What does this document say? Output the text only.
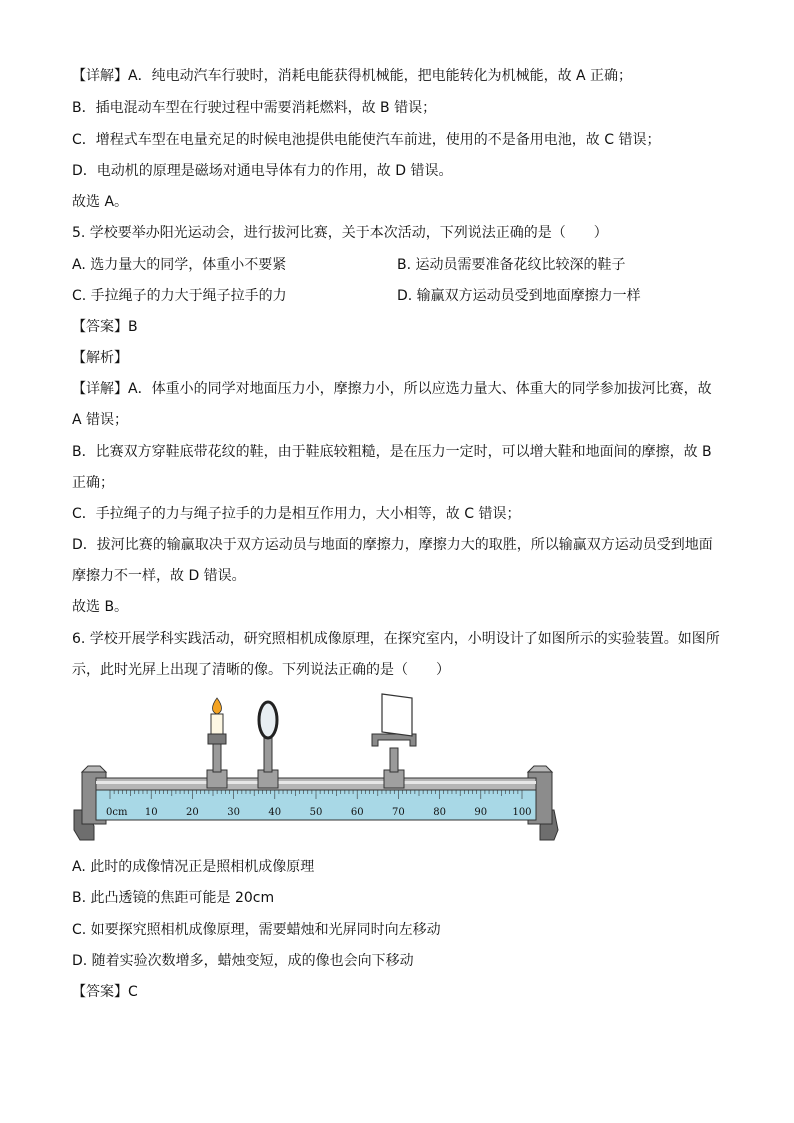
【详解】A．纯电动汽车行驶时，消耗电能获得机械能，把电能转化为机械能，故 A 正确；
B．插电混动车型在行驶过程中需要消耗燃料，故 B 错误；
C．增程式车型在电量充足的时候电池提供电能使汽车前进，使用的不是备用电池，故 C 错误；
D．电动机的原理是磁场对通电导体有力的作用，故 D 错误。
故选 A。
5. 学校要举办阳光运动会，进行拔河比赛，关于本次活动，下列说法正确的是（　　）
A. 选力量大的同学，体重小不要紧	B. 运动员需要准备花纹比较深的鞋子
C. 手拉绳子的力大于绳子拉手的力	D. 输赢双方运动员受到地面摩擦力一样
【答案】B
【解析】
【详解】A．体重小的同学对地面压力小，摩擦力小，所以应选力量大、体重大的同学参加拔河比赛，故
A 错误；
B．比赛双方穿鞋底带花纹的鞋，由于鞋底较粗糙，是在压力一定时，可以增大鞋和地面间的摩擦，故 B
正确；
C．手拉绳子的力与绳子拉手的力是相互作用力，大小相等，故 C 错误；
D．拔河比赛的输赢取决于双方运动员与地面的摩擦力，摩擦力大的取胜，所以输赢双方运动员受到地面
摩擦力不一样，故 D 错误。
故选 B。
6. 学校开展学科实践活动，研究照相机成像原理，在探究室内，小明设计了如图所示的实验装置。如图所
示，此时光屏上出现了清晰的像。下列说法正确的是（　　）
0cm 10	20	30	40	50	60	70	80	90	100
A. 此时的成像情况正是照相机成像原理
B. 此凸透镜的焦距可能是 20cm
C. 如要探究照相机成像原理，需要蜡烛和光屏同时向左移动
D. 随着实验次数增多，蜡烛变短，成的像也会向下移动
【答案】C
